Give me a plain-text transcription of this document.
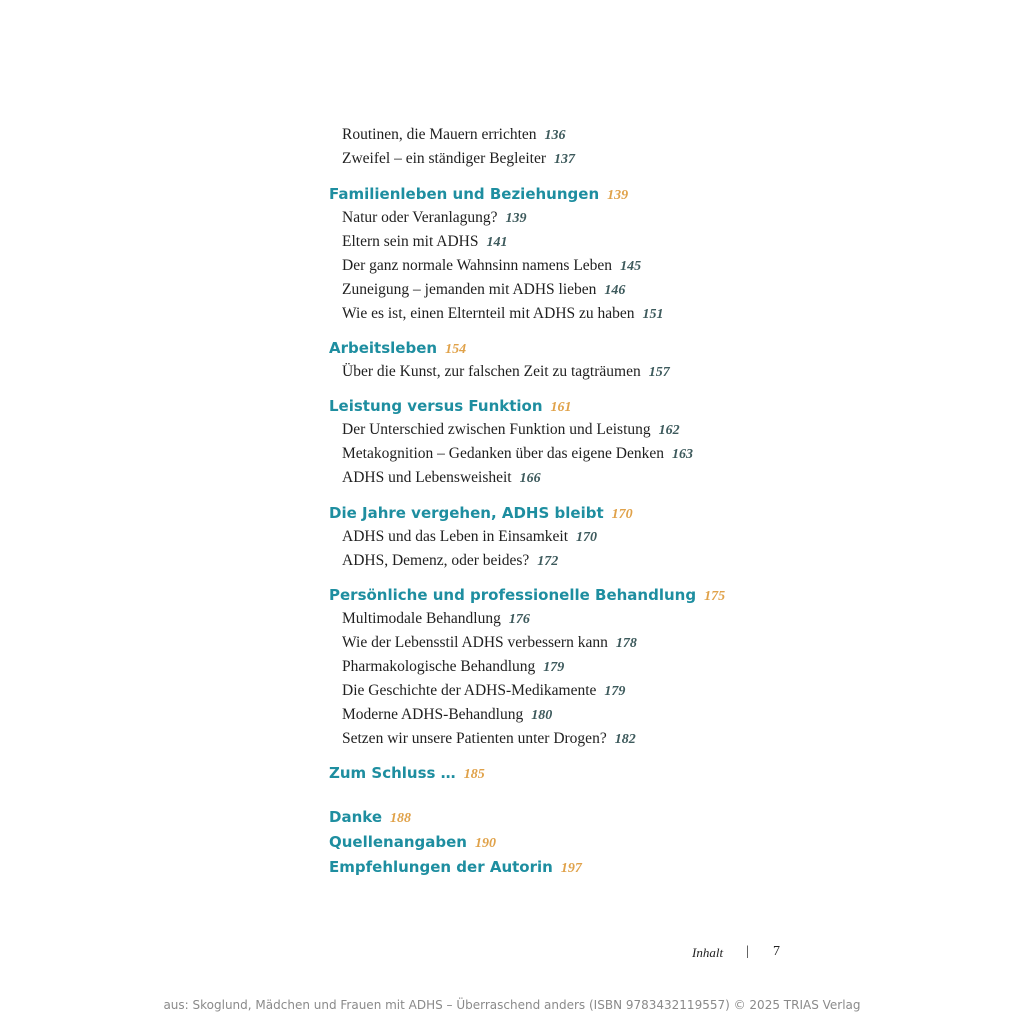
Routinen, die Mauern errichten 136
Zweifel – ein ständiger Begleiter 137
Familienleben und Beziehungen 139
Natur oder Veranlagung? 139
Eltern sein mit ADHS 141
Der ganz normale Wahnsinn namens Leben 145
Zuneigung – jemanden mit ADHS lieben 146
Wie es ist, einen Elternteil mit ADHS zu haben 151
Arbeitsleben 154
Über die Kunst, zur falschen Zeit zu tagträumen 157
Leistung versus Funktion 161
Der Unterschied zwischen Funktion und Leistung 162
Metakognition – Gedanken über das eigene Denken 163
ADHS und Lebensweisheit 166
Die Jahre vergehen, ADHS bleibt 170
ADHS und das Leben in Einsamkeit 170
ADHS, Demenz, oder beides? 172
Persönliche und professionelle Behandlung 175
Multimodale Behandlung 176
Wie der Lebensstil ADHS verbessern kann 178
Pharmakologische Behandlung 179
Die Geschichte der ADHS-Medikamente 179
Moderne ADHS-Behandlung 180
Setzen wir unsere Patienten unter Drogen? 182
Zum Schluss … 185
Danke 188
Quellenangaben 190
Empfehlungen der Autorin 197
Inhalt | 7
aus: Skoglund, Mädchen und Frauen mit ADHS – Überraschend anders (ISBN 9783432119557) © 2025 TRIAS Verlag
